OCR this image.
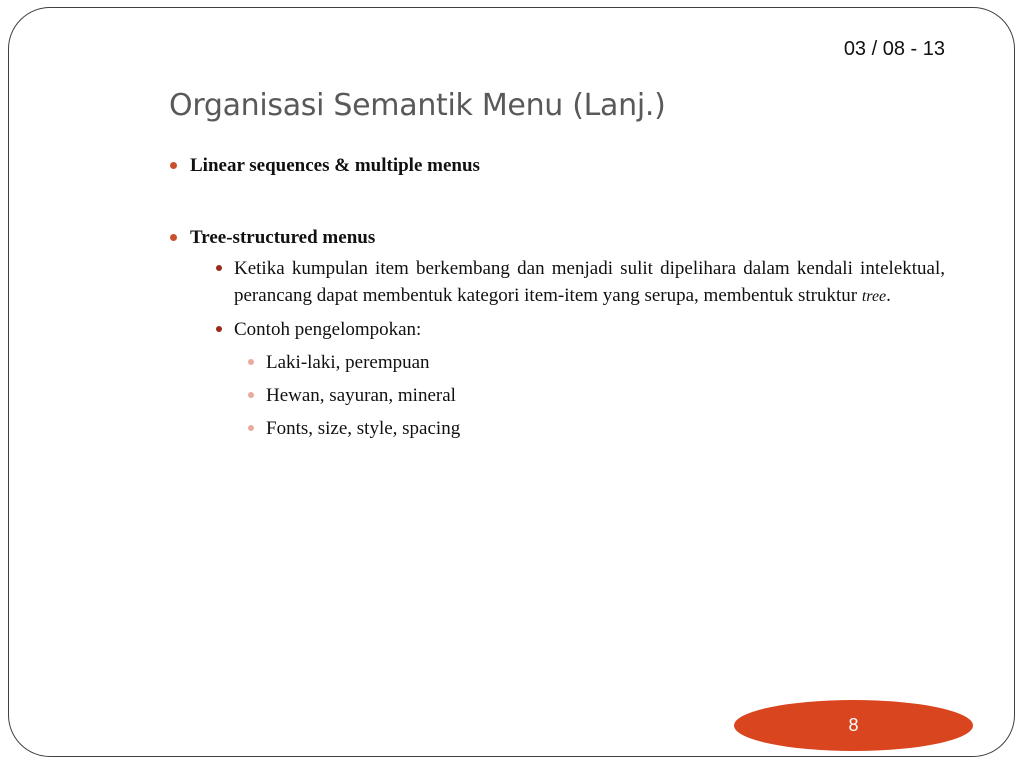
03 / 08 - 13
Organisasi Semantik Menu (Lanj.)
Linear sequences & multiple menus
Tree-structured menus
Ketika kumpulan item berkembang dan menjadi sulit dipelihara dalam kendali intelektual, perancang dapat membentuk kategori item-item yang serupa, membentuk struktur tree.
Contoh pengelompokan:
Laki-laki, perempuan
Hewan, sayuran, mineral
Fonts, size, style, spacing
8
